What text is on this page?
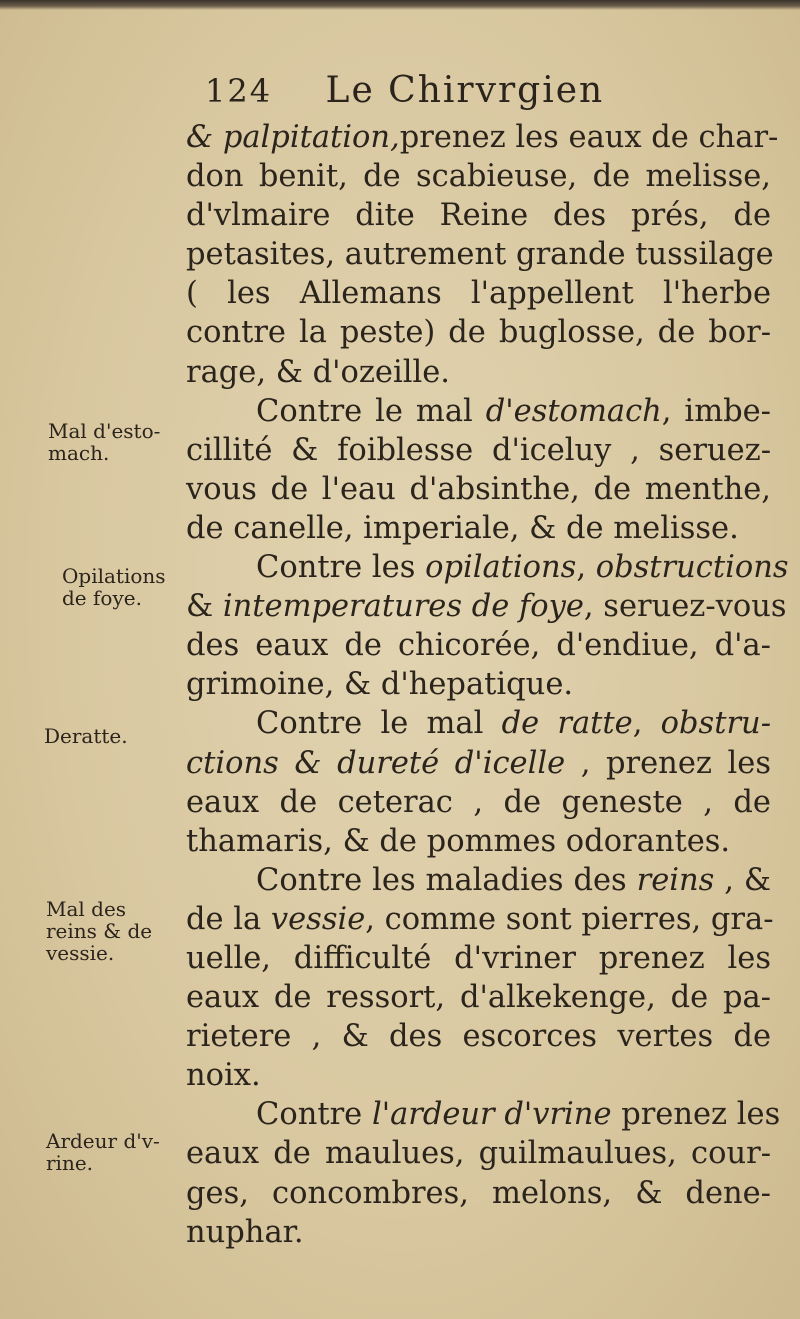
124 Le Chirvrgien
Mal d'esto-
mach.
Opilations
de foye.
Deratte.
Mal des
reins & de
vessie.
Ardeur d'v-
rine.
& palpitation,prenez les eaux de char-
don benit, de scabieuse, de melisse,
d'vlmaire dite Reine des prés, de
petasites, autrement grande tussilage
( les Allemans l'appellent l'herbe
contre la peste) de buglosse, de bor-
rage, & d'ozeille.
Contre le mal d'estomach, imbe-
cillité & foiblesse d'iceluy , seruez-
vous de l'eau d'absinthe, de menthe,
de canelle, imperiale, & de melisse.
Contre les opilations, obstructions
& intemperatures de foye, seruez-vous
des eaux de chicorée, d'endiue, d'a-
grimoine, & d'hepatique.
Contre le mal de ratte, obstru-
ctions & dureté d'icelle , prenez les
eaux de ceterac , de geneste , de
thamaris, & de pommes odorantes.
Contre les maladies des reins , &
de la vessie, comme sont pierres, gra-
uelle, difficulté d'vriner prenez les
eaux de ressort, d'alkekenge, de pa-
rietere , & des escorces vertes de
noix.
Contre l'ardeur d'vrine prenez les
eaux de maulues, guilmaulues, cour-
ges, concombres, melons, & dene-
nuphar.
